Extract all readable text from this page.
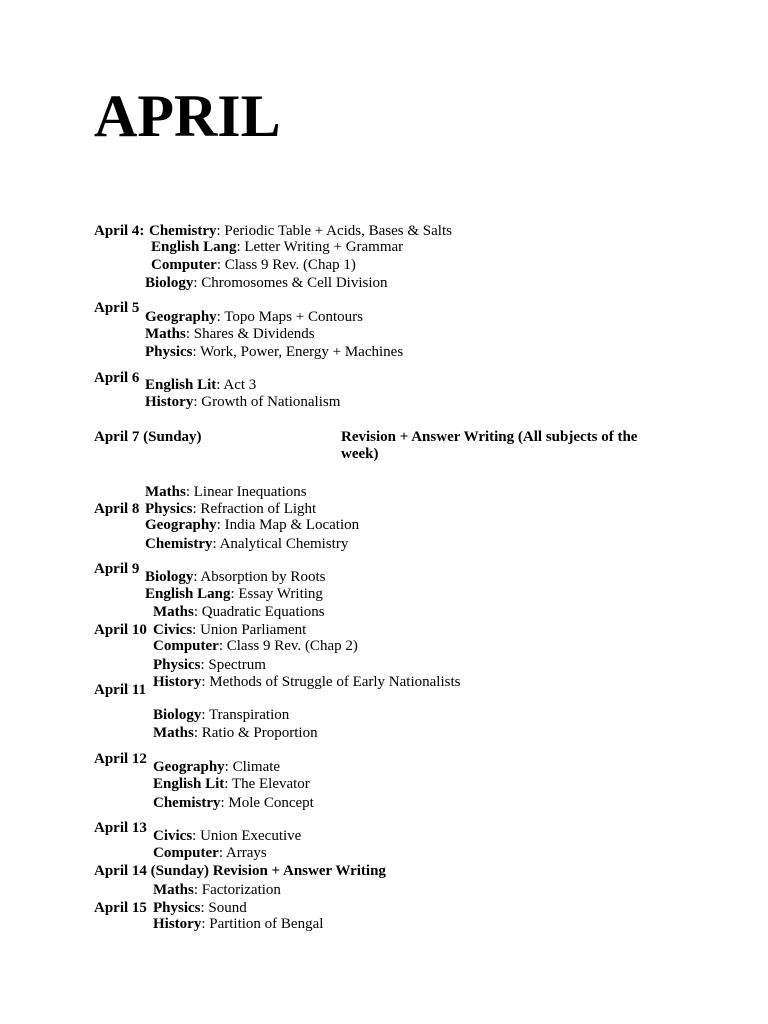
APRIL
April 4:
April 5
April 6
April 7 (Sunday)	Revision + Answer Writing (All subjects of the week)
April 8
April 9
April 10
April 11
April 12
April 13
April 14 (Sunday) Revision + Answer Writing
April 15
Chemistry: Periodic Table + Acids, Bases & Salts
English Lang: Letter Writing + Grammar
Computer: Class 9 Rev. (Chap 1)
Biology: Chromosomes & Cell Division
Geography: Topo Maps + Contours
Maths: Shares & Dividends
Physics: Work, Power, Energy + Machines
English Lit: Act 3
History: Growth of Nationalism
Maths: Linear Inequations
Physics: Refraction of Light
Geography: India Map & Location
Chemistry: Analytical Chemistry
Biology: Absorption by Roots
English Lang: Essay Writing
Maths: Quadratic Equations
Civics: Union Parliament
Computer: Class 9 Rev. (Chap 2)
Physics: Spectrum
History: Methods of Struggle of Early Nationalists
Biology: Transpiration
Maths: Ratio & Proportion
Geography: Climate
English Lit: The Elevator
Chemistry: Mole Concept
Civics: Union Executive
Computer: Arrays
Maths: Factorization
Physics: Sound
History: Partition of Bengal
